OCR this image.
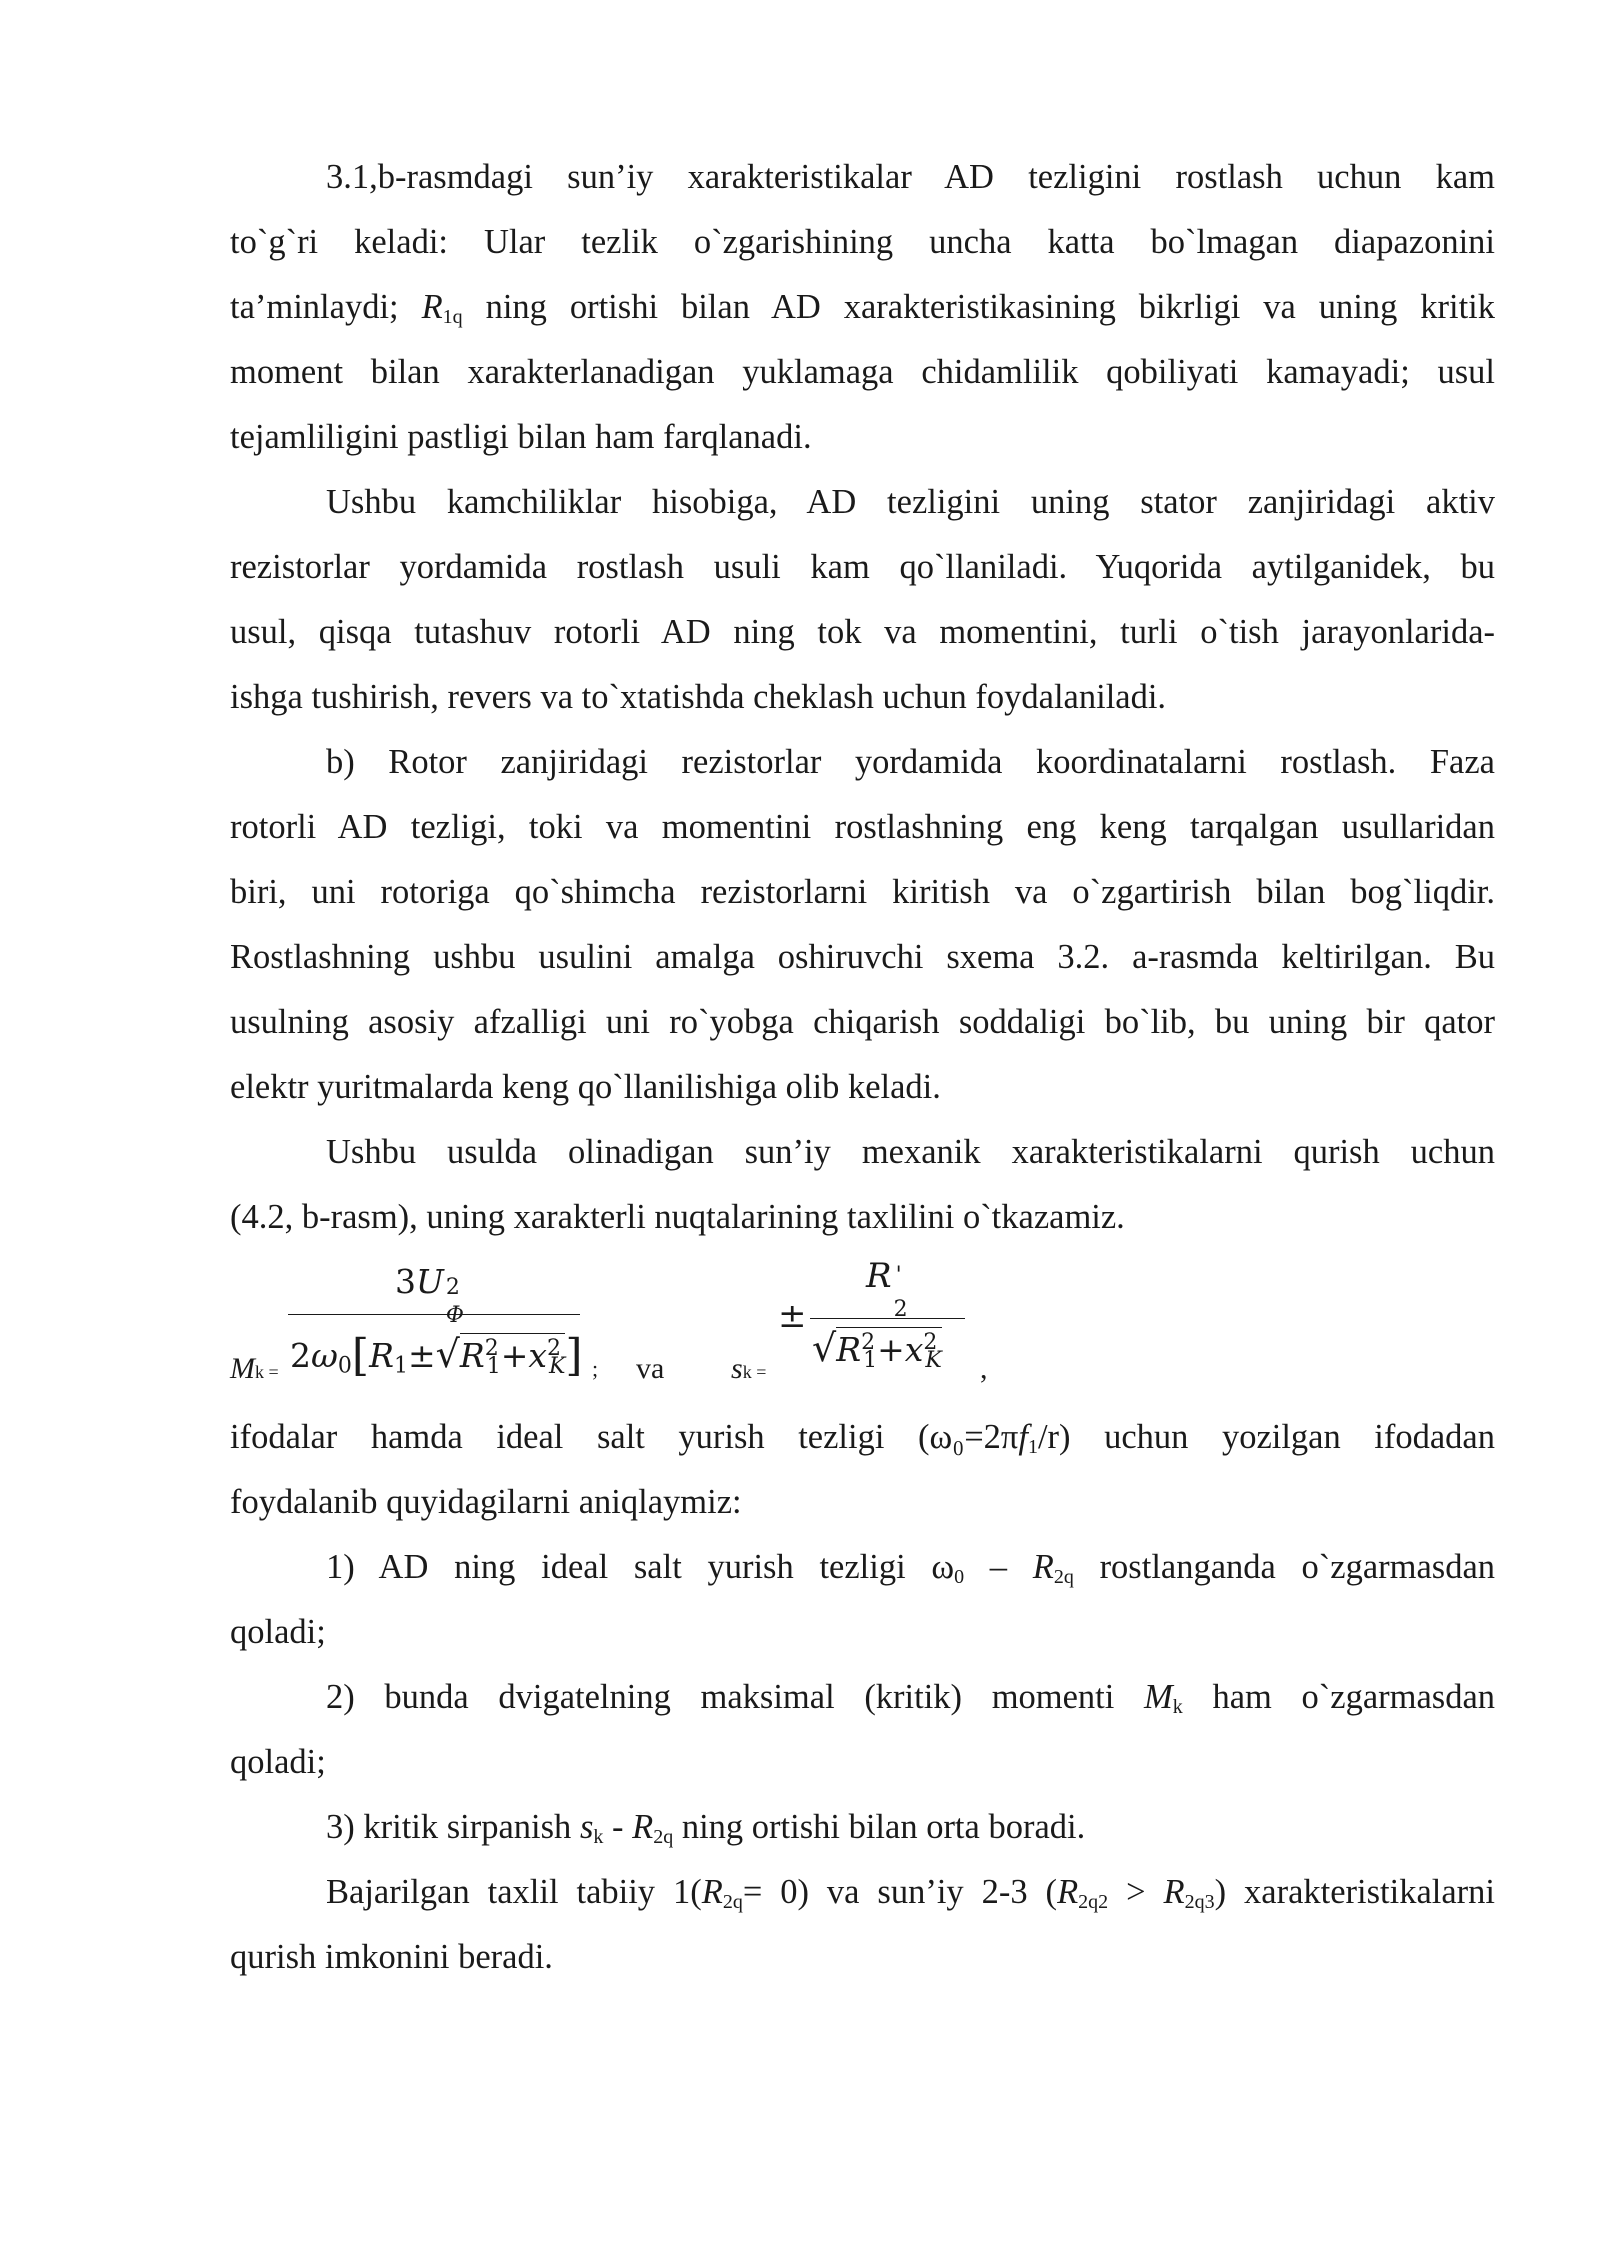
3.1,b-rasmdagi sun’iy xarakteristikalar AD tezligini rostlash uchun kam
to`g`ri keladi: Ular tezlik o`zgarishining uncha katta bo`lmagan diapazonini
ta’minlaydi; $R_{1q}$ ning ortishi bilan AD xarakteristikasining bikrligi va uning kritik
moment bilan xarakterlanadigan yuklamaga chidamlilik qobiliyati kamayadi; usul
tejamliligini pastligi bilan ham farqlanadi.
Ushbu kamchiliklar hisobiga, AD tezligini uning stator zanjiridagi aktiv
rezistorlar yordamida rostlash usuli kam qo`llaniladi. Yuqorida aytilganidek, bu
usul, qisqa tutashuv rotorli AD ning tok va momentini, turli o`tish jarayonlarida-
ishga tushirish, revers va to`xtatishda cheklash uchun foydalaniladi.
b) Rotor zanjiridagi rezistorlar yordamida koordinatalarni rostlash. Faza
rotorli AD tezligi, toki va momentini rostlashning eng keng tarqalgan usullaridan
biri, uni rotoriga qo`shimcha rezistorlarni kiritish va o`zgartirish bilan bog`liqdir.
Rostlashning ushbu usulini amalga oshiruvchi sxema 3.2. a-rasmda keltirilgan. Bu
usulning asosiy afzalligi uni ro`yobga chiqarish soddaligi bo`lib, bu uning bir qator
elektr yuritmalarda keng qo`llanilishiga olib keladi.
Ushbu usulda olinadigan sun’iy mexanik xarakteristikalarni qurish uchun
(4.2, b-rasm), uning xarakterli nuqtalarining taxlilini o`tkazamiz.
3U 2
Φ
$Mk = 2\omega_0[R_1\pm√R^2_1+x^2_K]$ ; va sk =
±
R '
2
$√R^2_1+x^2_K$ ,
ifodalar hamda ideal salt yurish tezligi $(\omega_0=2\pi f_1/r)$ uchun yozilgan ifodadan
foydalanib quyidagilarni aniqlaymiz:
1) AD ning ideal salt yurish tezligi $\omega_0 - R_{2q}$ rostlanganda o`zgarmasdan
qoladi;
2) bunda dvigatelning maksimal (kritik) momenti $M_k$ ham o`zgarmasdan
qoladi;
3) kritik sirpanish $s_k - R_{2q}$ ning ortishi bilan orta boradi.
Bajarilgan taxlil tabiiy $1(R_{2q}= 0)$ va sun’iy 2-3 $(R_{2q2} > R_{2q3})$ xarakteristikalarni
qurish imkonini beradi.
